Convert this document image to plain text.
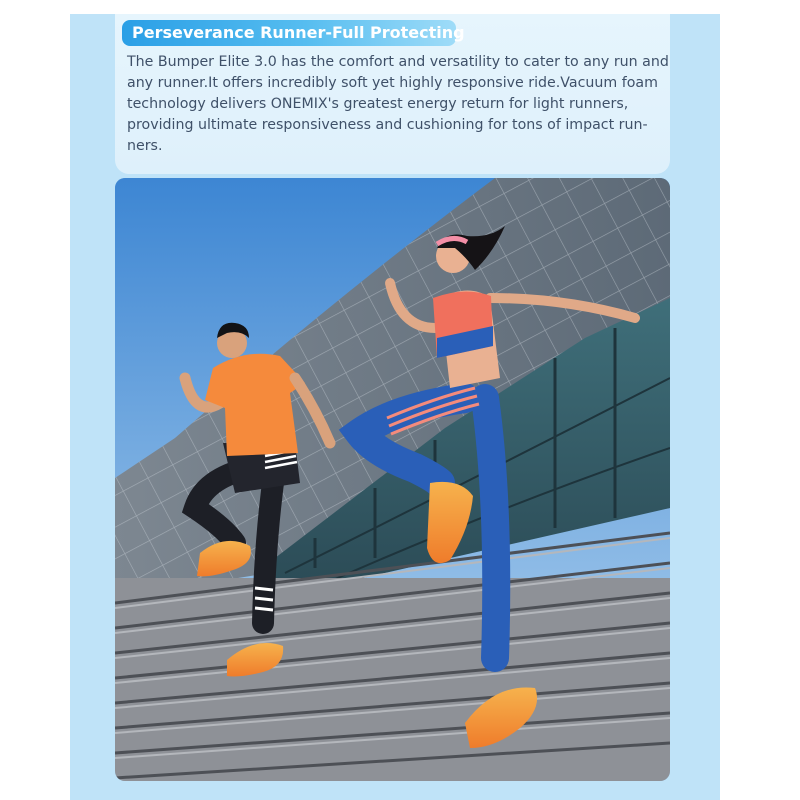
Perseverance Runner-Full Protecting

The Bumper Elite 3.0 has the comfort and versatility to cater to any run and
any runner.It offers incredibly soft yet highly responsive ride.Vacuum foam
technology delivers ONEMIX's greatest energy return for light runners,
providing ultimate responsiveness and cushioning for tons of impact run-
ners.
